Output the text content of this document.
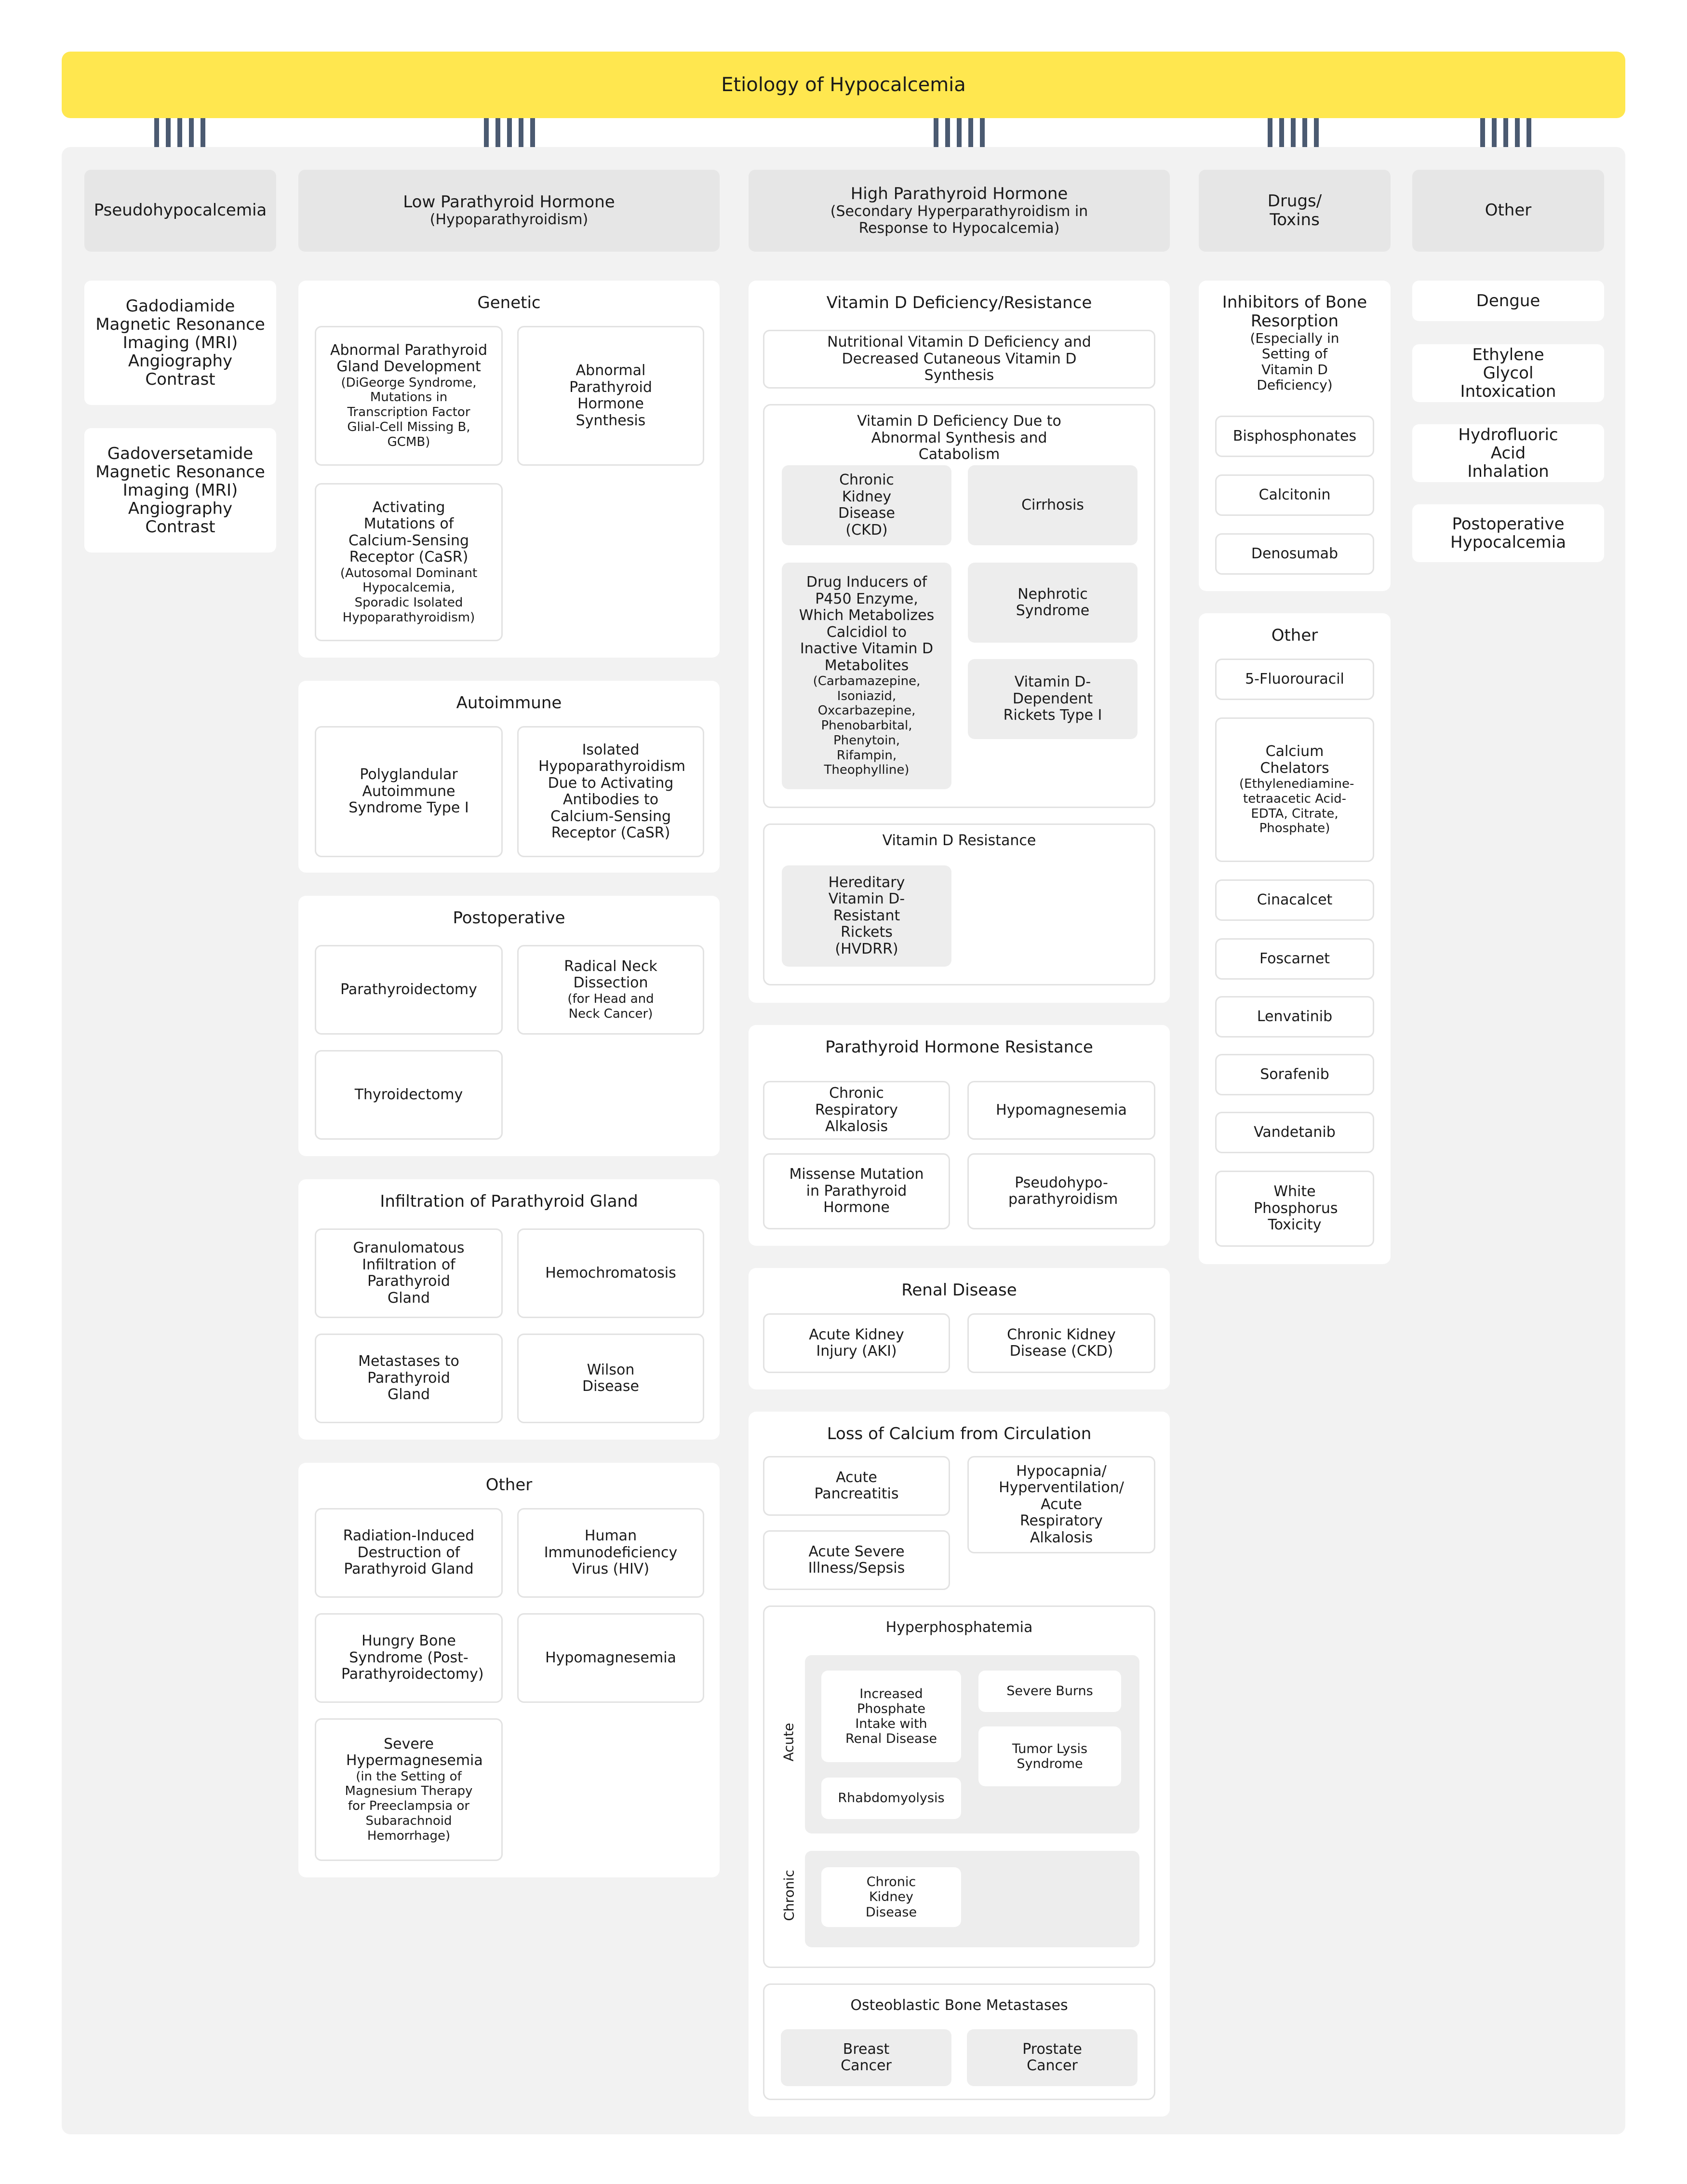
Etiology of Hypocalcemia
Pseudohypocalcemia	Low Parathyroid Hormone
(Hypoparathyroidism)
High Parathyroid Hormone
(Secondary Hyperparathyroidism in Response to Hypocalcemia)
Drugs/ Toxins	Other
Gadodiamide
Magnetic Resonance
Imaging (MRI)
Angiography
Contrast
Gadoversetamide
Magnetic Resonance
Imaging (MRI)
Angiography
Contrast
Genetic
Abnormal Parathyroid Gland Development
(DiGeorge Syndrome, Mutations in Transcription Factor Glial-Cell Missing B, GCMB)
Abnormal Parathyroid Hormone Synthesis
Activating Mutations of Calcium-Sensing Receptor (CaSR)
(Autosomal Dominant Hypocalcemia, Sporadic Isolated Hypoparathyroidism)
Autoimmune
Polyglandular Autoimmune Syndrome Type I
Isolated Hypoparathyroidism Due to Activating Antibodies to Calcium-Sensing Receptor (CaSR)
Postoperative
Parathyroidectomy
Radical Neck Dissection
(for Head and Neck Cancer)
Thyroidectomy
Infiltration of Parathyroid Gland
Granulomatous Infiltration of Parathyroid Gland
Hemochromatosis
Metastases to Parathyroid Gland
Wilson Disease
Other
Radiation-Induced Destruction of Parathyroid Gland
Human Immunodeficiency Virus (HIV)
Hungry Bone Syndrome (Post-Parathyroidectomy)
Hypomagnesemia
Severe Hypermagnesemia
(in the Setting of Magnesium Therapy for Preeclampsia or Subarachnoid Hemorrhage)
Vitamin D Deficiency/Resistance
Nutritional Vitamin D Deficiency and Decreased Cutaneous Vitamin D Synthesis
Vitamin D Deficiency Due to Abnormal Synthesis and Catabolism
Chronic Kidney Disease (CKD)
Cirrhosis
Drug Inducers of P450 Enzyme, Which Metabolizes Calcidiol to Inactive Vitamin D Metabolites
(Carbamazepine, Isoniazid, Oxcarbazepine, Phenobarbital, Phenytoin, Rifampin, Theophylline)
Nephrotic Syndrome
Vitamin D-Dependent Rickets Type I
Vitamin D Resistance
Hereditary Vitamin D-Resistant Rickets (HVDRR)
Parathyroid Hormone Resistance
Chronic Respiratory Alkalosis
Hypomagnesemia
Missense Mutation in Parathyroid Hormone
Pseudohypo-parathyroidism
Renal Disease
Acute Kidney Injury (AKI)
Chronic Kidney Disease (CKD)
Loss of Calcium from Circulation
Acute Pancreatitis
Hypocapnia/ Hyperventilation/ Acute Respiratory Alkalosis
Acute Severe Illness/Sepsis
Hyperphosphatemia
Acute
Increased Phosphate Intake with Renal Disease
Severe Burns
Tumor Lysis Syndrome
Rhabdomyolysis
Chronic	Chronic Kidney Disease
Osteoblastic Bone Metastases
Breast Cancer
Prostate Cancer
Inhibitors of Bone Resorption
(Especially in Setting of Vitamin D Deficiency)
Bisphosphonates
Calcitonin
Denosumab
Other
5-Fluorouracil
Calcium Chelators
(Ethylenediamine-tetraacetic Acid-EDTA, Citrate, Phosphate)
Cinacalcet
Foscarnet
Lenvatinib
Sorafenib
Vandetanib
White Phosphorus Toxicity
Dengue
Ethylene Glycol Intoxication
Hydrofluoric Acid Inhalation
Postoperative Hypocalcemia
